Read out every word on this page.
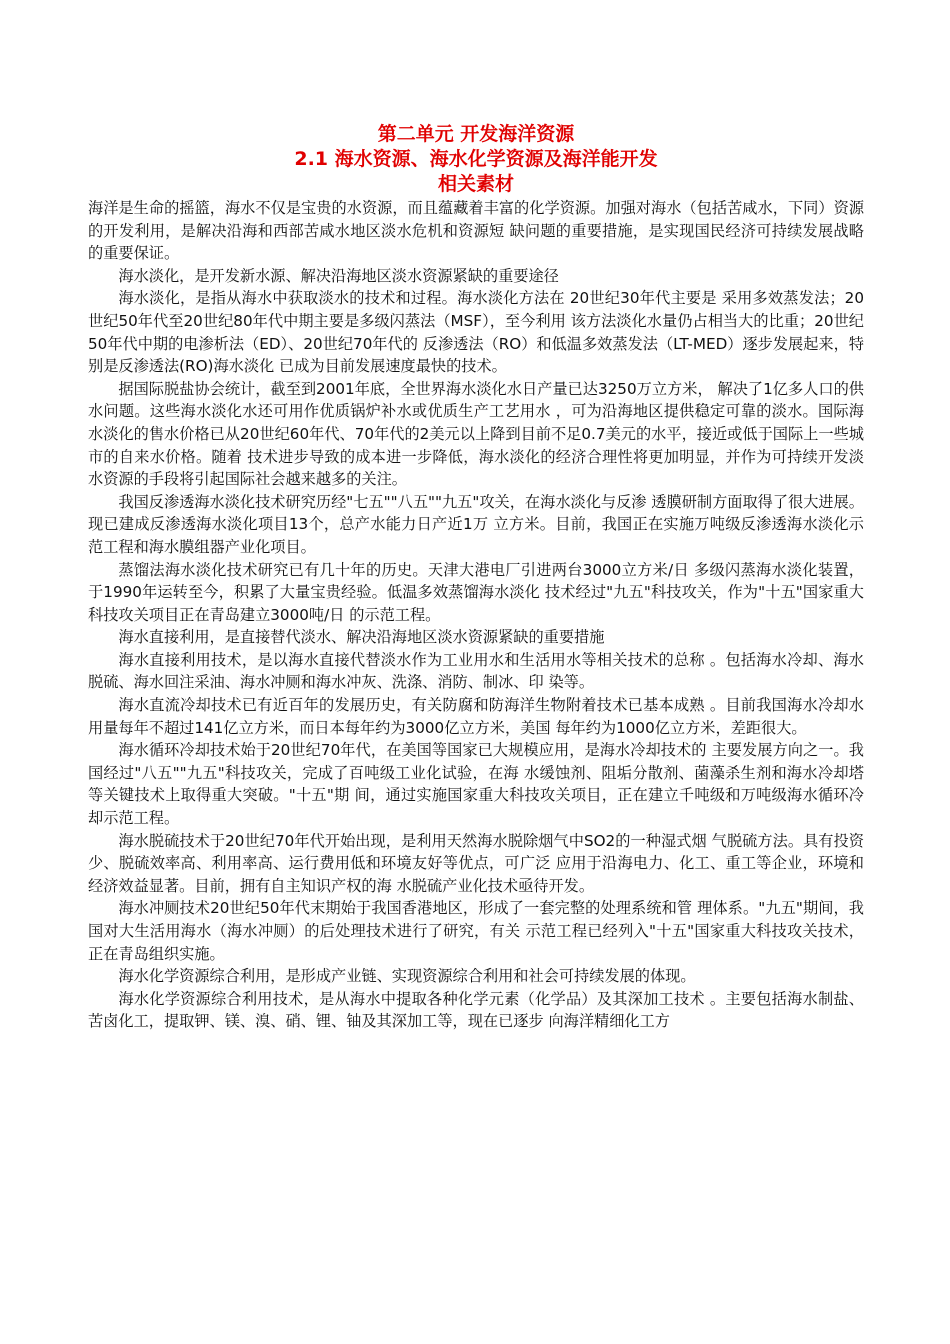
第二单元 开发海洋资源
2.1 海水资源、海水化学资源及海洋能开发
相关素材

海洋是生命的摇篮，海水不仅是宝贵的水资源，而且蕴藏着丰富的化学资源。加强对海水（包括苦咸水，下同）资源的开发利用，是解决沿海和西部苦咸水地区淡水危机和资源短 缺问题的重要措施，是实现国民经济可持续发展战略的重要保证。

海水淡化，是开发新水源、解决沿海地区淡水资源紧缺的重要途径

海水淡化，是指从海水中获取淡水的技术和过程。海水淡化方法在 20世纪30年代主要是 采用多效蒸发法；20世纪50年代至20世纪80年代中期主要是多级闪蒸法（MSF），至今利用 该方法淡化水量仍占相当大的比重；20世纪50年代中期的电渗析法（ED）、20世纪70年代的 反渗透法（RO）和低温多效蒸发法（LT-MED）逐步发展起来，特别是反渗透法(RO)海水淡化 已成为目前发展速度最快的技术。

据国际脱盐协会统计，截至到2001年底，全世界海水淡化水日产量已达3250万立方米， 解决了1亿多人口的供水问题。这些海水淡化水还可用作优质锅炉补水或优质生产工艺用水 ，可为沿海地区提供稳定可靠的淡水。国际海水淡化的售水价格已从20世纪60年代、70年代的2美元以上降到目前不足0.7美元的水平，接近或低于国际上一些城市的自来水价格。随着 技术进步导致的成本进一步降低，海水淡化的经济合理性将更加明显，并作为可持续开发淡 水资源的手段将引起国际社会越来越多的关注。

我国反渗透海水淡化技术研究历经"七五""八五""九五"攻关，在海水淡化与反渗 透膜研制方面取得了很大进展。现已建成反渗透海水淡化项目13个，总产水能力日产近1万 立方米。目前，我国正在实施万吨级反渗透海水淡化示范工程和海水膜组器产业化项目。

蒸馏法海水淡化技术研究已有几十年的历史。天津大港电厂引进两台3000立方米/日 多级闪蒸海水淡化装置，于1990年运转至今，积累了大量宝贵经验。低温多效蒸馏海水淡化 技术经过"九五"科技攻关，作为"十五"国家重大科技攻关项目正在青岛建立3000吨/日 的示范工程。

海水直接利用，是直接替代淡水、解决沿海地区淡水资源紧缺的重要措施

海水直接利用技术，是以海水直接代替淡水作为工业用水和生活用水等相关技术的总称 。包括海水冷却、海水脱硫、海水回注采油、海水冲厕和海水冲灰、洗涤、消防、制冰、印 染等。

海水直流冷却技术已有近百年的发展历史，有关防腐和防海洋生物附着技术已基本成熟 。目前我国海水冷却水用量每年不超过141亿立方米，而日本每年约为3000亿立方米，美国 每年约为1000亿立方米，差距很大。

海水循环冷却技术始于20世纪70年代，在美国等国家已大规模应用，是海水冷却技术的 主要发展方向之一。我国经过"八五""九五"科技攻关，完成了百吨级工业化试验，在海 水缓蚀剂、阻垢分散剂、菌藻杀生剂和海水冷却塔等关键技术上取得重大突破。"十五"期 间，通过实施国家重大科技攻关项目，正在建立千吨级和万吨级海水循环冷却示范工程。

海水脱硫技术于20世纪70年代开始出现，是利用天然海水脱除烟气中SO2的一种湿式烟 气脱硫方法。具有投资少、脱硫效率高、利用率高、运行费用低和环境友好等优点，可广泛 应用于沿海电力、化工、重工等企业，环境和经济效益显著。目前，拥有自主知识产权的海 水脱硫产业化技术亟待开发。

海水冲厕技术20世纪50年代末期始于我国香港地区，形成了一套完整的处理系统和管 理体系。"九五"期间，我国对大生活用海水（海水冲厕）的后处理技术进行了研究，有关 示范工程已经列入"十五"国家重大科技攻关技术，正在青岛组织实施。

海水化学资源综合利用，是形成产业链、实现资源综合利用和社会可持续发展的体现。

海水化学资源综合利用技术，是从海水中提取各种化学元素（化学品）及其深加工技术 。主要包括海水制盐、苦卤化工，提取钾、镁、溴、硝、锂、铀及其深加工等，现在已逐步 向海洋精细化工方
